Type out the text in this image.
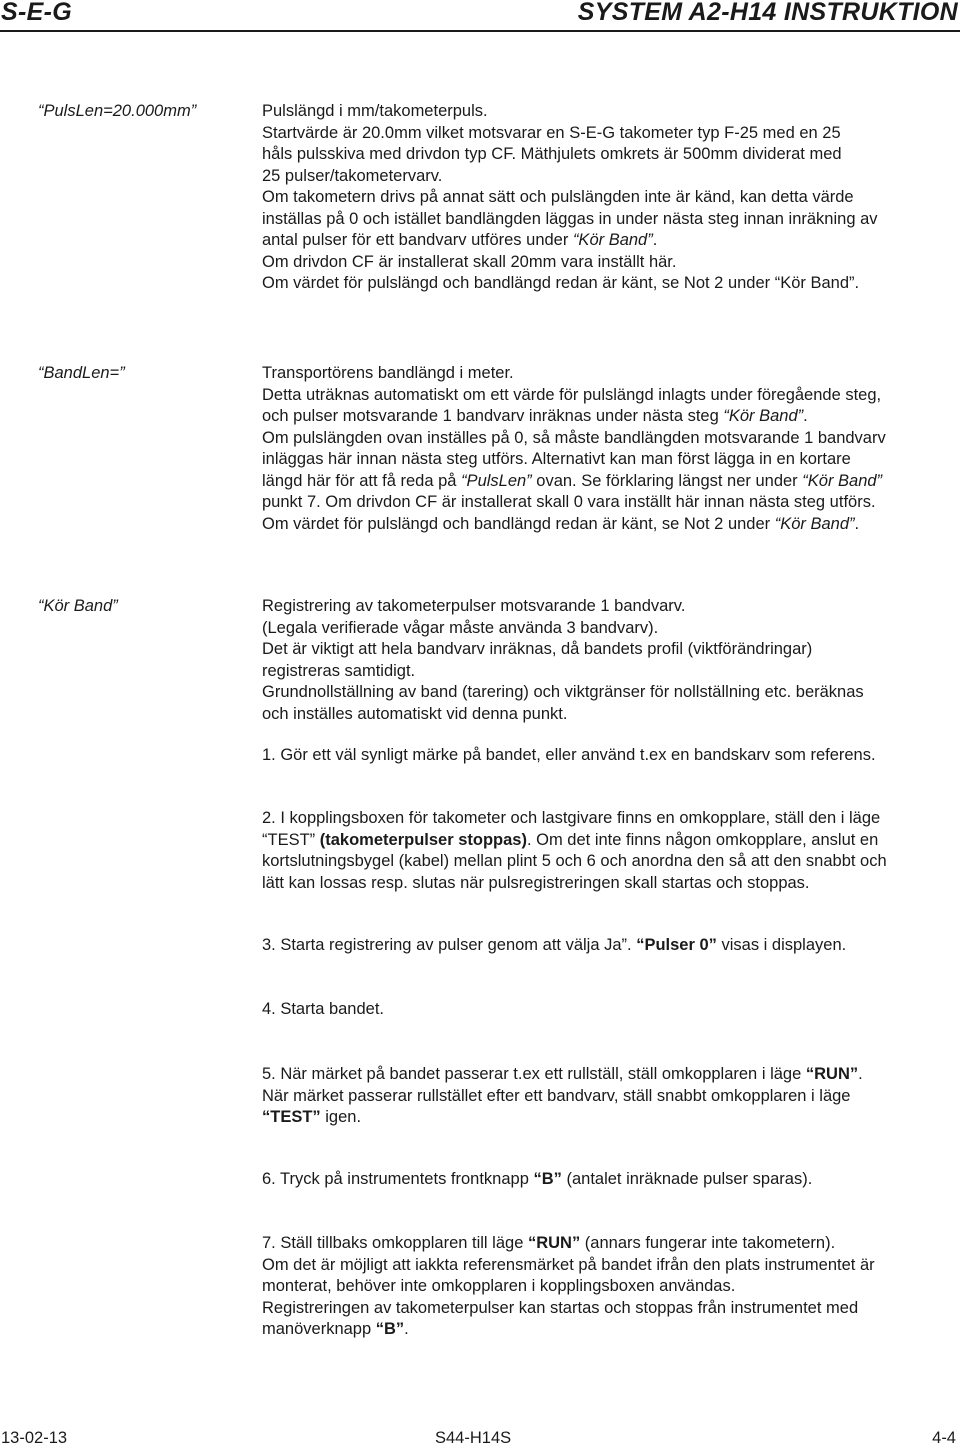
S-E-G	SYSTEM A2-H14 INSTRUKTION
“PulsLen=20.000mm”	Pulslängd i mm/takometerpuls.
Startvärde är 20.0mm vilket motsvarar en S-E-G takometer typ F-25 med en 25
håls pulsskiva med drivdon typ CF. Mäthjulets omkrets är 500mm dividerat med
25 pulser/takometervarv.
Om takometern drivs på annat sätt och pulslängden inte är känd, kan detta värde
inställas på 0 och istället bandlängden läggas in under nästa steg innan inräkning av
antal pulser för ett bandvarv utföres under “Kör Band”.
Om drivdon CF är installerat skall 20mm vara inställt här.
Om värdet för pulslängd och bandlängd redan är känt, se Not 2 under “Kör Band”.
“BandLen=”	Transportörens bandlängd i meter.
Detta uträknas automatiskt om ett värde för pulslängd inlagts under föregående steg,
och pulser motsvarande 1 bandvarv inräknas under nästa steg “Kör Band”.
Om pulslängden ovan inställes på 0, så måste bandlängden motsvarande 1 bandvarv
inläggas här innan nästa steg utförs. Alternativt kan man först lägga in en kortare
längd här för att få reda på “PulsLen” ovan. Se förklaring längst ner under “Kör Band”
punkt 7. Om drivdon CF är installerat skall 0 vara inställt här innan nästa steg utförs.
Om värdet för pulslängd och bandlängd redan är känt, se Not 2 under “Kör Band”.
“Kör Band”	Registrering av takometerpulser motsvarande 1 bandvarv.
(Legala verifierade vågar måste använda 3 bandvarv).
Det är viktigt att hela bandvarv inräknas, då bandets profil (viktförändringar)
registreras samtidigt.
Grundnollställning av band (tarering) och viktgränser för nollställning etc. beräknas
och inställes automatiskt vid denna punkt.
1. Gör ett väl synligt märke på bandet, eller använd t.ex en bandskarv som referens.
2. I kopplingsboxen för takometer och lastgivare finns en omkopplare, ställ den i läge
“TEST” (takometerpulser stoppas). Om det inte finns någon omkopplare, anslut en
kortslutningsbygel (kabel) mellan plint 5 och 6 och anordna den så att den snabbt och
lätt kan lossas resp. slutas när pulsregistreringen skall startas och stoppas.
3. Starta registrering av pulser genom att välja Ja”. “Pulser 0” visas i displayen.
4. Starta bandet.
5. När märket på bandet passerar t.ex ett rullställ, ställ omkopplaren i läge “RUN”.
När märket passerar rullstället efter ett bandvarv, ställ snabbt omkopplaren i läge
“TEST” igen.
6. Tryck på instrumentets frontknapp “B” (antalet inräknade pulser sparas).
7. Ställ tillbaks omkopplaren till läge “RUN” (annars fungerar inte takometern).
Om det är möjligt att iakkta referensmärket på bandet ifrån den plats instrumentet är
monterat, behöver inte omkopplaren i kopplingsboxen användas.
Registreringen av takometerpulser kan startas och stoppas från instrumentet med
manöverknapp “B”.
13-02-13	S44-H14S	4-4
